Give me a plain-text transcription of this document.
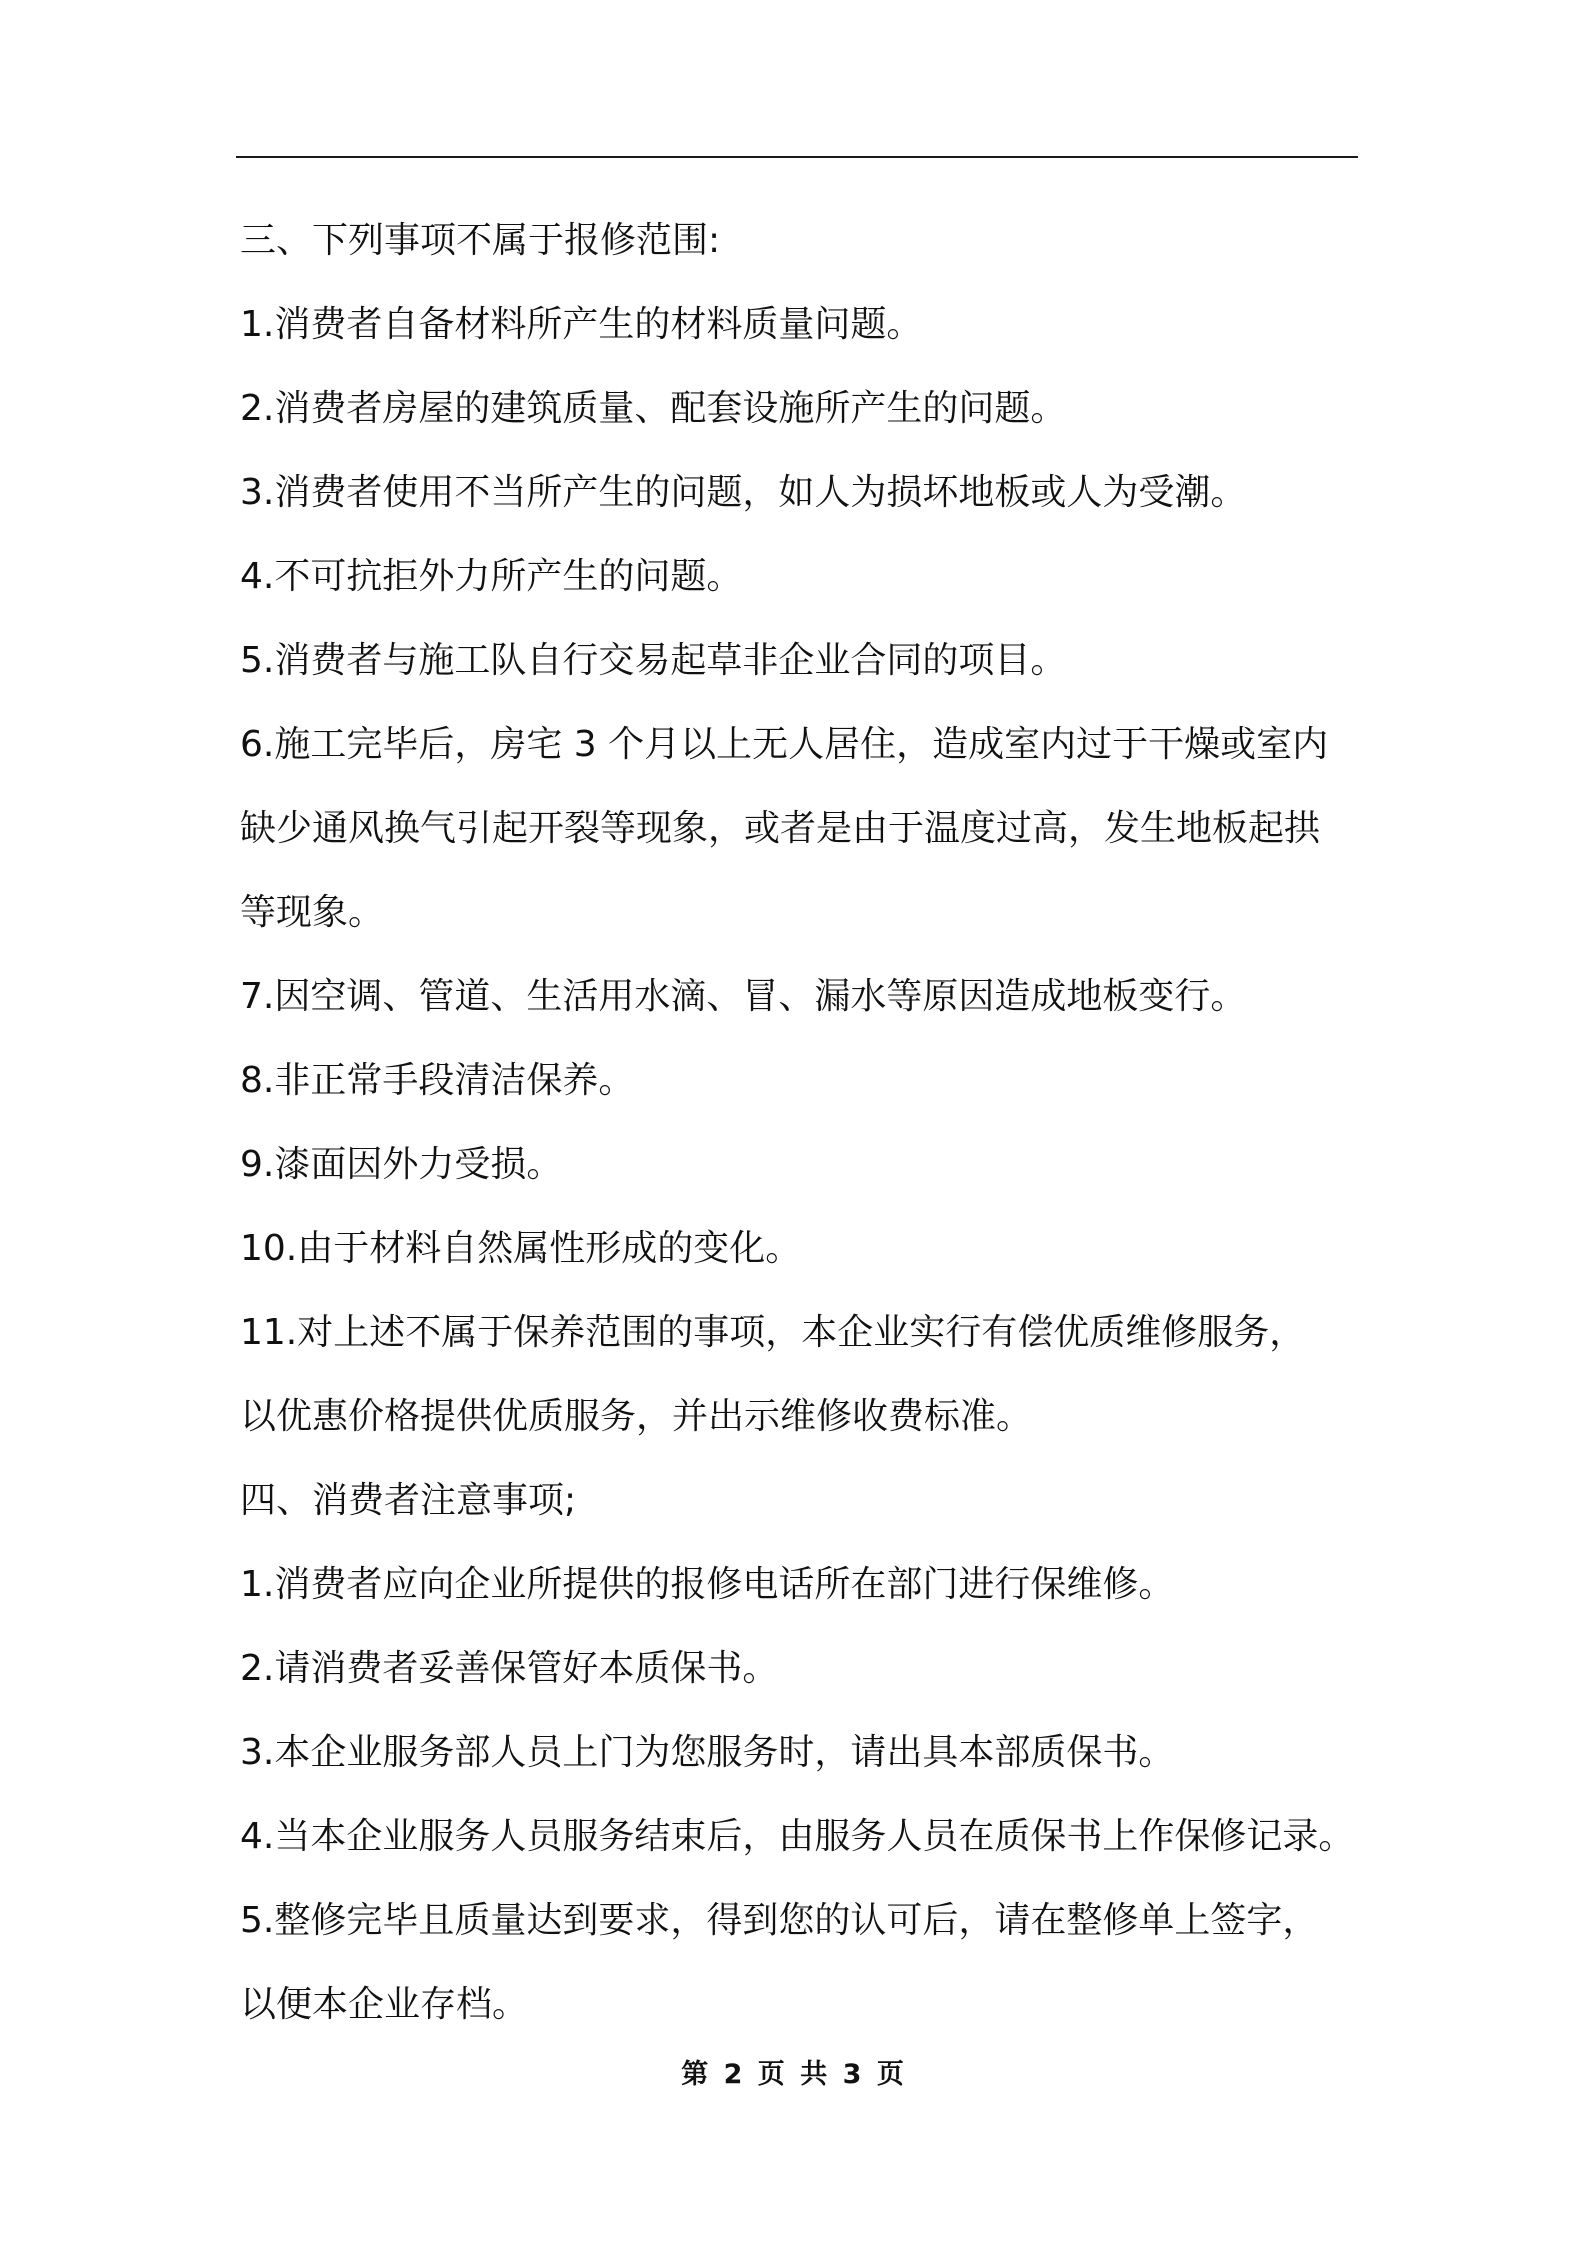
三、下列事项不属于报修范围:
1.消费者自备材料所产生的材料质量问题。
2.消费者房屋的建筑质量、配套设施所产生的问题。
3.消费者使用不当所产生的问题，如人为损坏地板或人为受潮。
4.不可抗拒外力所产生的问题。
5.消费者与施工队自行交易起草非企业合同的项目。
6.施工完毕后，房宅 3 个月以上无人居住，造成室内过于干燥或室内
缺少通风换气引起开裂等现象，或者是由于温度过高，发生地板起拱
等现象。
7.因空调、管道、生活用水滴、冒、漏水等原因造成地板变行。
8.非正常手段清洁保养。
9.漆面因外力受损。
10.由于材料自然属性形成的变化。
11.对上述不属于保养范围的事项，本企业实行有偿优质维修服务，
以优惠价格提供优质服务，并出示维修收费标准。
四、消费者注意事项;
1.消费者应向企业所提供的报修电话所在部门进行保维修。
2.请消费者妥善保管好本质保书。
3.本企业服务部人员上门为您服务时，请出具本部质保书。
4.当本企业服务人员服务结束后，由服务人员在质保书上作保修记录。
5.整修完毕且质量达到要求，得到您的认可后，请在整修单上签字，
以便本企业存档。
第 2 页 共 3 页
